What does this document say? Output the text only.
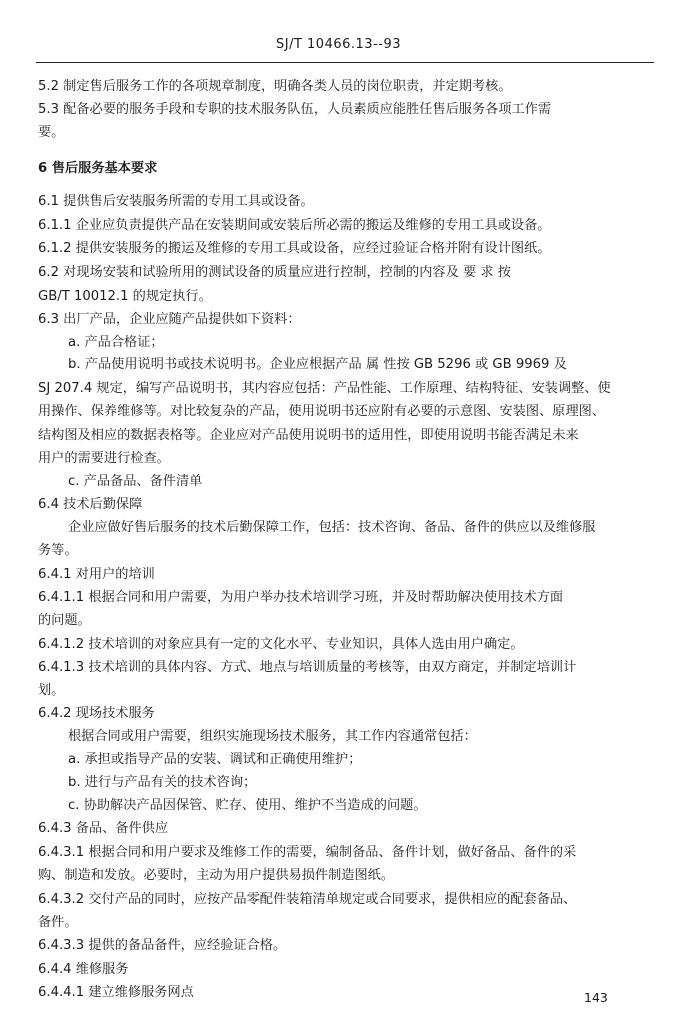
SJ/T 10466.13--93
5.2 制定售后服务工作的各项规章制度，明确各类人员的岗位职责，并定期考核。
5.3 配备必要的服务手段和专职的技术服务队伍，人员素质应能胜任售后服务各项工作需
要。
6 售后服务基本要求
6.1 提供售后安装服务所需的专用工具或设备。
6.1.1 企业应负责提供产品在安装期间或安装后所必需的搬运及维修的专用工具或设备。
6.1.2 提供安装服务的搬运及维修的专用工具或设备，应经过验证合格并附有设计图纸。
6.2 对现场安装和试验所用的测试设备的质量应进行控制，控制的内容及 要 求 按
GB/T 10012.1 的规定执行。
6.3 出厂产品，企业应随产品提供如下资料：
a. 产品合格证；
b. 产品使用说明书或技术说明书。企业应根据产品 属 性按 GB 5296 或 GB 9969 及
SJ 207.4 规定，编写产品说明书，其内容应包括：产品性能、工作原理、结构特征、安装调整、使
用操作、保养维修等。对比较复杂的产品，使用说明书还应附有必要的示意图、安装图、原理图、
结构图及相应的数据表格等。企业应对产品使用说明书的适用性，即使用说明书能否满足未来
用户的需要进行检查。
c. 产品备品、备件清单
6.4 技术后勤保障
企业应做好售后服务的技术后勤保障工作，包括：技术咨询、备品、备件的供应以及维修服
务等。
6.4.1 对用户的培训
6.4.1.1 根据合同和用户需要，为用户举办技术培训学习班，并及时帮助解决使用技术方面
的问题。
6.4.1.2 技术培训的对象应具有一定的文化水平、专业知识，具体人选由用户确定。
6.4.1.3 技术培训的具体内容、方式、地点与培训质量的考核等，由双方商定，并制定培训计
划。
6.4.2 现场技术服务
根据合同或用户需要，组织实施现场技术服务，其工作内容通常包括：
a. 承担或指导产品的安装、调试和正确使用维护；
b. 进行与产品有关的技术咨询；
c. 协助解决产品因保管、贮存、使用、维护不当造成的问题。
6.4.3 备品、备件供应
6.4.3.1 根据合同和用户要求及维修工作的需要，编制备品、备件计划，做好备品、备件的采
购、制造和发放。必要时，主动为用户提供易损件制造图纸。
6.4.3.2 交付产品的同时，应按产品零配件装箱清单规定或合同要求，提供相应的配套备品、
备件。
6.4.3.3 提供的备品备件，应经验证合格。
6.4.4 维修服务
6.4.4.1 建立维修服务网点	143
